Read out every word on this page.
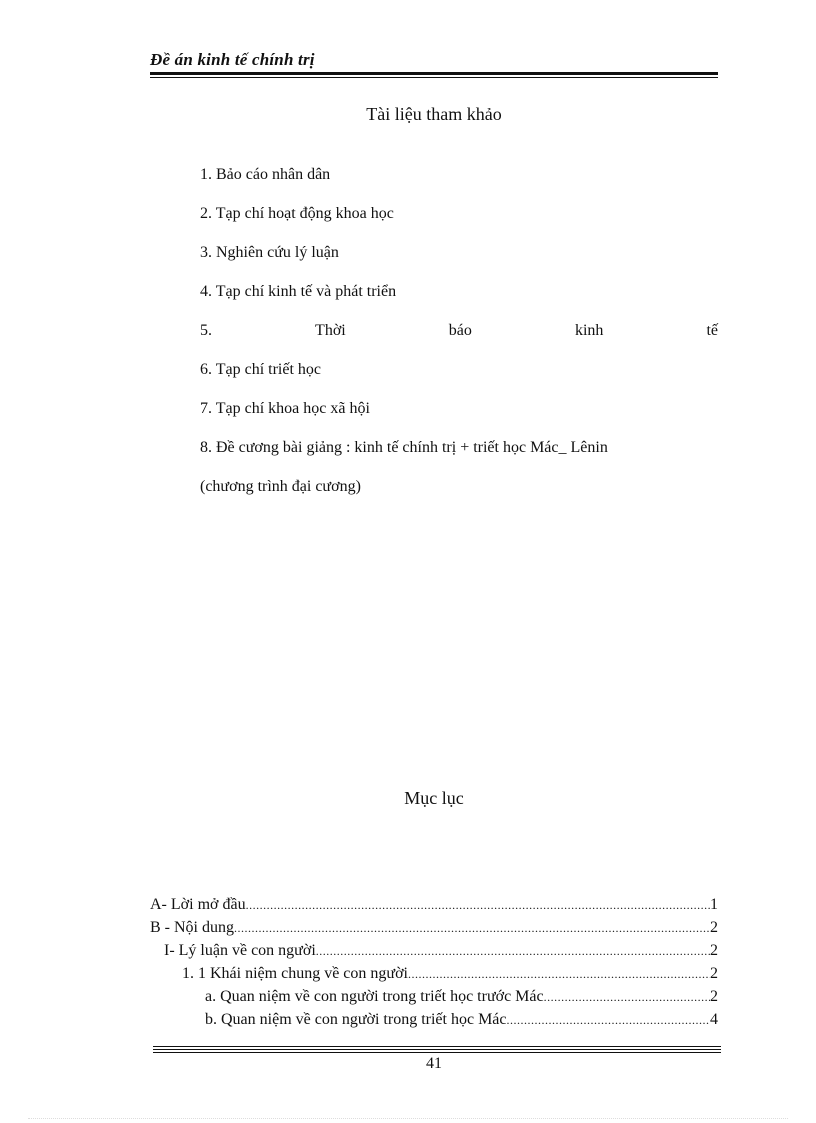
Đề án kinh tế chính trị
Tài liệu tham khảo
1. Bảo cáo nhân dân
2. Tạp chí hoạt động khoa học
3. Nghiên cứu lý luận
4. Tạp chí kinh tế và phát triển
5.	Thời	báo	kinh	tế
6. Tạp chí triết học
7. Tạp chí khoa học xã hội
8. Đề cương bài giảng : kinh tế chính trị + triết học Mác_ Lênin
(chương trình đại cương)
Mục lục
A- Lời mở đầu .....	1
B - Nội dung .....	2
I- Lý luận về con người .....	2
1. 1 Khái niệm chung về con người .....	2
a. Quan niệm về con người trong triết học trước Mác .....	2
b. Quan niệm về con người trong triết học Mác .....	4
41
